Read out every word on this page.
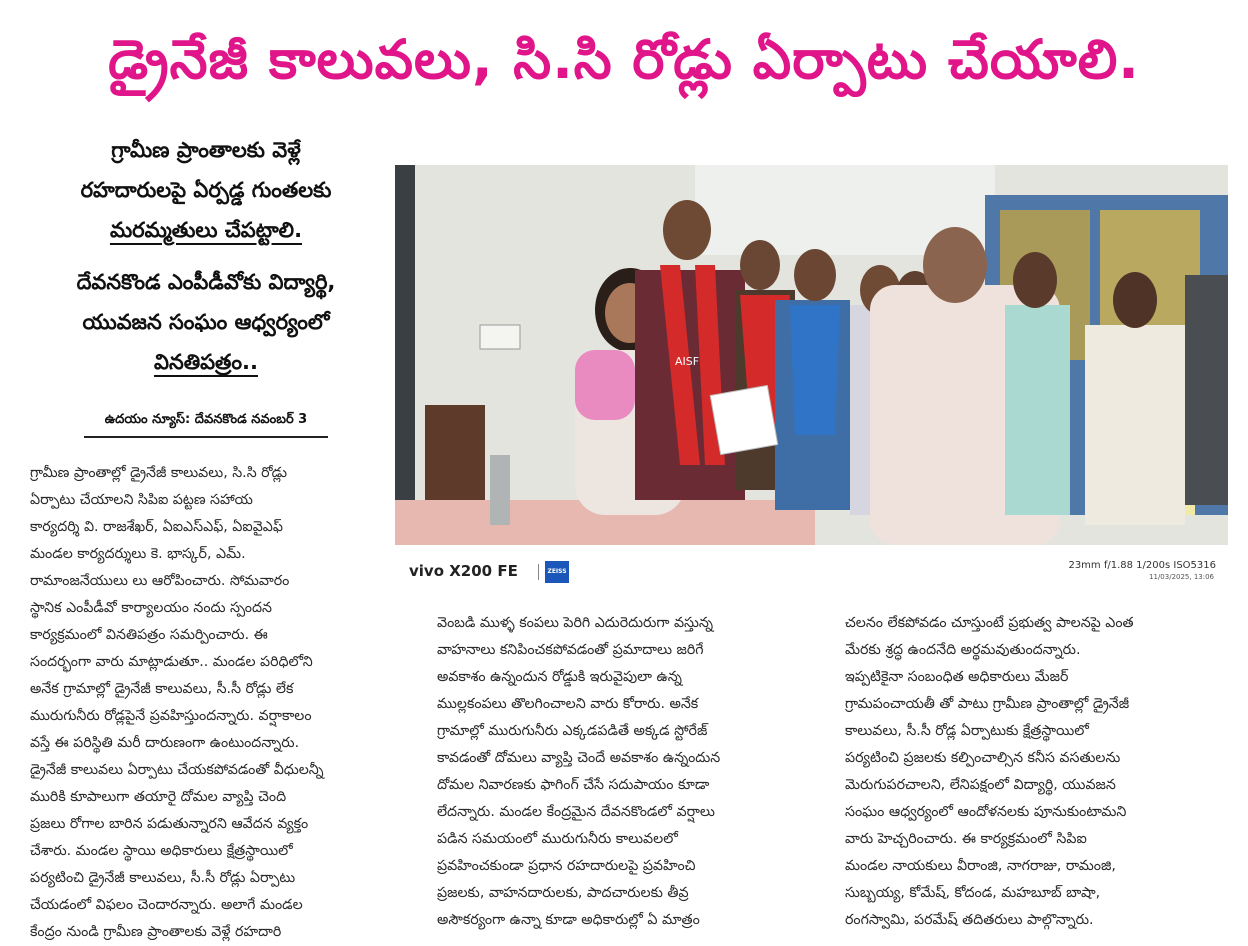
డ్రైనేజీ కాలువలు, సి.సి రోడ్లు ఏర్పాటు చేయాలి.

గ్రామీణ ప్రాంతాలకు వెళ్లే

రహదారులపై ఏర్పడ్డ గుంతలకు

మరమ్మతులు చేపట్టాలి.

దేవనకొండ ఎంపీడీవోకు విద్యార్థి,

యువజన సంఘం ఆధ్వర్యంలో

వినతిపత్రం..

ఉదయం న్యూస్: దేవనకొండ నవంబర్ 3

గ్రామీణ ప్రాంతాల్లో డ్రైనేజీ కాలువలు, సి.సి రోడ్లు

ఏర్పాటు చేయాలని సిపిఐ పట్టణ సహాయ

కార్యదర్శి వి. రాజశేఖర్, ఏఐఎస్ఎఫ్, ఏఐవైఎఫ్

మండల కార్యదర్శులు కె. భాస్కర్, ఎమ్.

రామాంజనేయులు లు ఆరోపించారు. సోమవారం

స్థానిక ఎంపీడీవో కార్యాలయం నందు స్పందన

కార్యక్రమంలో వినతిపత్రం సమర్పించారు. ఈ

సందర్భంగా వారు మాట్లాడుతూ.. మండల పరిధిలోని

అనేక గ్రామాల్లో డ్రైనేజీ కాలువలు, సీ.సీ రోడ్లు లేక

మురుగునీరు రోడ్లపైనే ప్రవహిస్తుందన్నారు. వర్షాకాలం

వస్తే ఈ పరిస్థితి మరీ దారుణంగా ఉంటుందన్నారు.

డ్రైనేజీ కాలువలు ఏర్పాటు చేయకపోవడంతో వీధులన్నీ

మురికి కూపాలుగా తయారై దోమల వ్యాప్తి చెంది

ప్రజలు రోగాల బారిన పడుతున్నారని ఆవేదన వ్యక్తం

చేశారు. మండల స్థాయి అధికారులు క్షేత్రస్థాయిలో

పర్యటించి డ్రైనేజీ కాలువలు, సీ.సీ రోడ్లు ఏర్పాటు

చేయడంలో విఫలం చెందారన్నారు. అలాగే మండల

కేంద్రం నుండి గ్రామీణ ప్రాంతాలకు వెళ్లే రహదారి

AISF
vivo X200 FE	ZEISS
23mm f/1.88 1/200s ISO5316
11/03/2025, 13:06

వెంబడి ముళ్ళ కంపలు పెరిగి ఎదురెదురుగా వస్తున్న

వాహనాలు కనిపించకపోవడంతో ప్రమాదాలు జరిగే

అవకాశం ఉన్నందున రోడ్డుకి ఇరువైపులా ఉన్న

ముల్లకంపలు తొలగించాలని వారు కోరారు. అనేక

గ్రామాల్లో మురుగునీరు ఎక్కడపడితే అక్కడ స్టోరేజ్

కావడంతో దోమలు వ్యాప్తి చెందే అవకాశం ఉన్నందున

దోమల నివారణకు ఫాగింగ్ చేసే సదుపాయం కూడా

లేదన్నారు. మండల కేంద్రమైన దేవనకొండలో వర్షాలు

పడిన సమయంలో మురుగునీరు కాలువలలో

ప్రవహించకుండా ప్రధాన రహదారులపై ప్రవహించి

ప్రజలకు, వాహనదారులకు, పాదచారులకు తీవ్ర

అసౌకర్యంగా ఉన్నా కూడా అధికారుల్లో ఏ మాత్రం

చలనం లేకపోవడం చూస్తుంటే ప్రభుత్వ పాలనపై ఎంత

మేరకు శ్రద్ధ ఉందనేది అర్థమవుతుందన్నారు.

ఇప్పటికైనా సంబంధిత అధికారులు మేజర్

గ్రామపంచాయతీ తో పాటు గ్రామీణ ప్రాంతాల్లో డ్రైనేజీ

కాలువలు, సీ.సీ రోడ్ల ఏర్పాటుకు క్షేత్రస్థాయిలో

పర్యటించి ప్రజలకు కల్పించాల్సిన కనీస వసతులను

మెరుగుపరచాలని, లేనిపక్షంలో విద్యార్థి, యువజన

సంఘం ఆధ్వర్యంలో ఆందోళనలకు పూనుకుంటామని

వారు హెచ్చరించారు. ఈ కార్యక్రమంలో సిపిఐ

మండల నాయకులు వీరాంజి, నాగరాజు, రామంజి,

సుబ్బయ్య, కోమేష్, కోదండ, మహబూబ్ బాషా,

రంగస్వామి, పరమేష్ తదితరులు పాల్గొన్నారు.
